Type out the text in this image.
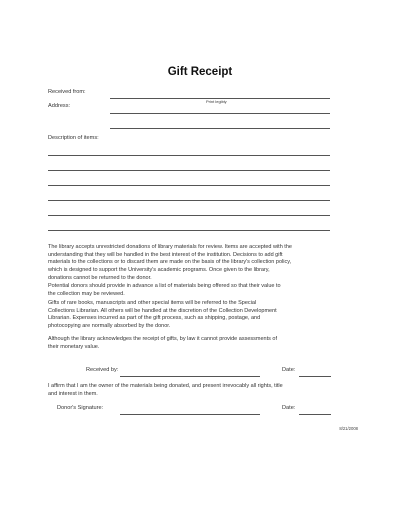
Gift Receipt
Received from:
Print legibly
Address:
Description of items:
The library accepts unrestricted donations of library materials for review. Items are accepted with the
understanding that they will be handled in the best interest of the institution. Decisions to add gift
materials to the collections or to discard them are made on the basis of the library's collection policy,
which is designed to support the University's academic programs. Once given to the library,
donations cannot be returned to the donor.
Potential donors should provide in advance a list of materials being offered so that their value to
the collection may be reviewed.
Gifts of rare books, manuscripts and other special items will be referred to the Special
Collections Librarian. All others will be handled at the discretion of the Collection Development
Librarian. Expenses incurred as part of the gift process, such as shipping, postage, and
photocopying are normally absorbed by the donor.
Although the library acknowledges the receipt of gifts, by law it cannot provide assessments of
their monetary value.
Received by:	Date:
I affirm that I am the owner of the materials being donated, and present irrevocably all rights, title
and interest in them.
Donor's Signature:	Date:
8/21/2008
